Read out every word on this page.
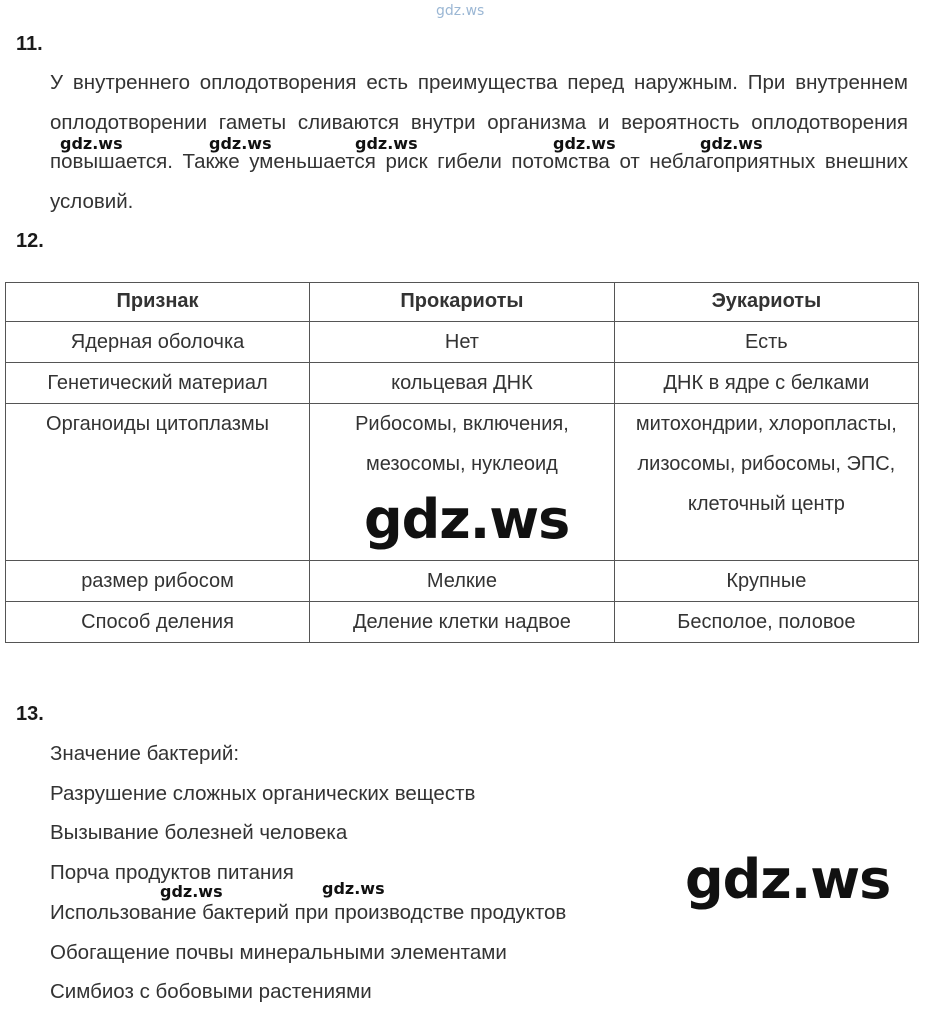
gdz.ws
11.
У внутреннего оплодотворения есть преимущества перед наружным. При внутреннем оплодотворении гаметы сливаются внутри организма и вероятность оплодотворения повышается. Также уменьшается риск гибели потомства от неблагоприятных внешних условий.
gdz.ws	gdz.ws	gdz.ws	gdz.ws	gdz.ws
12.
Признак	Прокариоты	Эукариоты
Ядерная оболочка	Нет	Есть
Генетический материал	кольцевая ДНК	ДНК в ядре с белками
Органоиды цитоплазмы	Рибосомы, включения, мезосомы, нуклеоид	митохондрии, хлоропласты, лизосомы, рибосомы, ЭПС, клеточный центр
размер рибосом	Мелкие	Крупные
Способ деления	Деление клетки надвое	Бесполое, половое
gdz.ws
13.
Значение бактерий:
Разрушение сложных органических веществ
Вызывание болезней человека
Порча продуктов питания
Использование бактерий при производстве продуктов
Обогащение почвы минеральными элементами
Симбиоз с бобовыми растениями
gdz.ws	gdz.ws	gdz.ws
